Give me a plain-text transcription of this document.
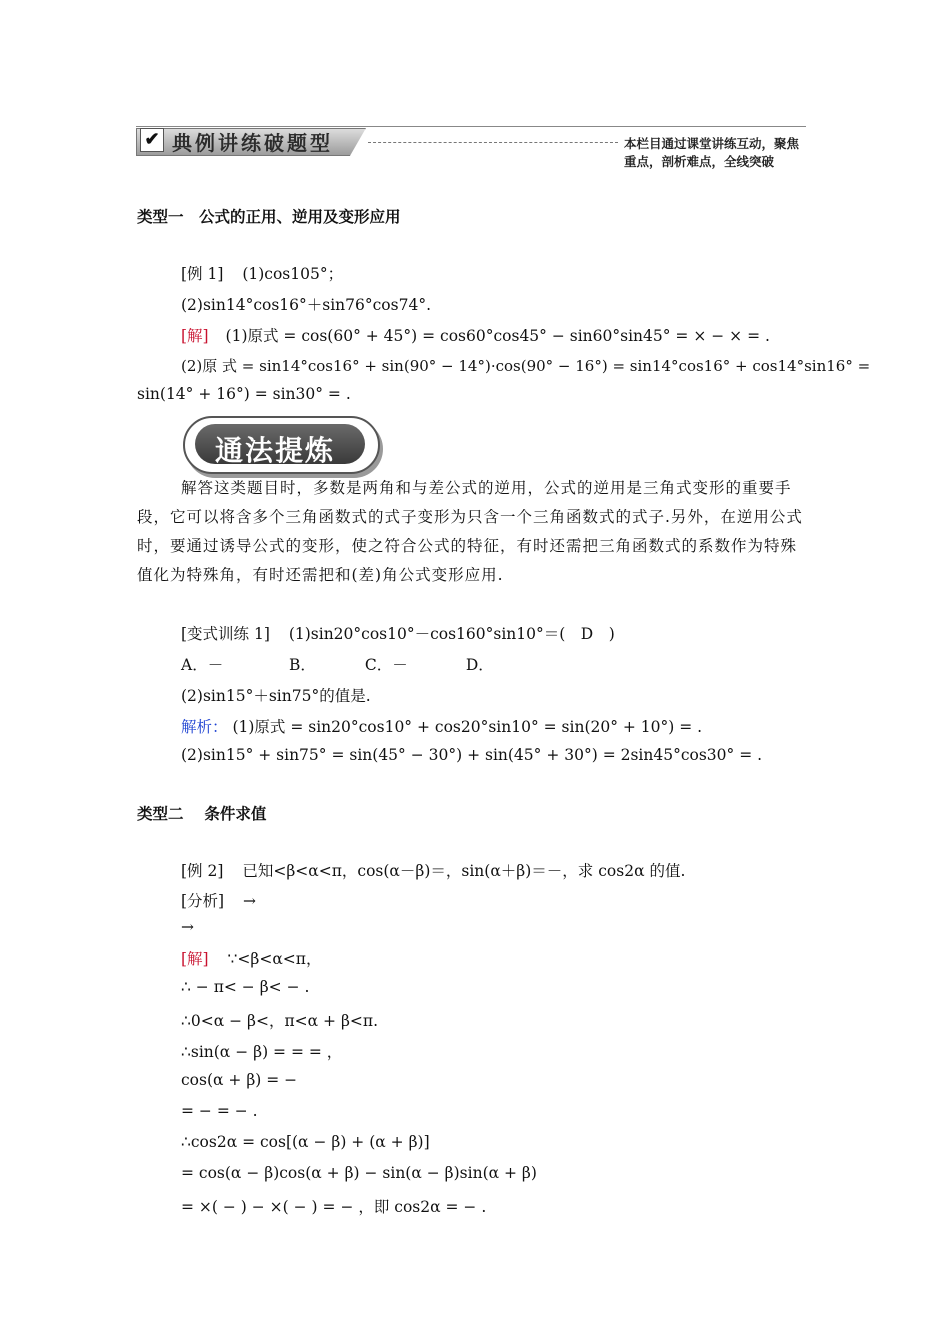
✔ 典例讲练破题型	本栏目通过课堂讲练互动，聚焦重点，剖析难点，全线突破
类型一　公式的正用、逆用及变形应用
[例 1] (1)cos105°；
(2)sin14°cos16°＋sin76°cos74°.
[解] (1)原式 = cos(60° + 45°) = cos60°cos45° − sin60°sin45° = × − × = .
(2)原 式 = sin14°cos16° + sin(90° − 14°)·cos(90° − 16°) = sin14°cos16° + cos14°sin16° =
sin(14° + 16°) = sin30° = .
通法提炼
解答这类题目时，多数是两角和与差公式的逆用，公式的逆用是三角式变形的重要手段，它可以将含多个三角函数式的式子变形为只含一个三角函数式的式子.另外，在逆用公式时，要通过诱导公式的变形，使之符合公式的特征，有时还需把三角函数式的系数作为特殊值化为特殊角，有时还需把和(差)角公式变形应用.
[变式训练 1] (1)sin20°cos10°－cos160°sin10°＝(　D　)
A．－	B．	C．－	D．
(2)sin15°＋sin75°的值是.
解析： (1)原式 = sin20°cos10° + cos20°sin10° = sin(20° + 10°) = .
(2)sin15° + sin75° = sin(45° − 30°) + sin(45° + 30°) = 2sin45°cos30° = .
类型二　 条件求值
[例 2] 已知<β<α<π，cos(α－β)＝，sin(α＋β)＝－，求 cos2α 的值.
[分析] →
→
[解] ∵<β<α<π，
∴ − π< − β< − .
∴0<α − β<，π<α + β<π.
∴sin(α − β) = = = ，
cos(α + β) = −
= − = − .
∴cos2α = cos[(α − β) + (α + β)]
= cos(α − β)cos(α + β) − sin(α − β)sin(α + β)
= ×( − ) − ×( − ) = − ，即 cos2α = − .
